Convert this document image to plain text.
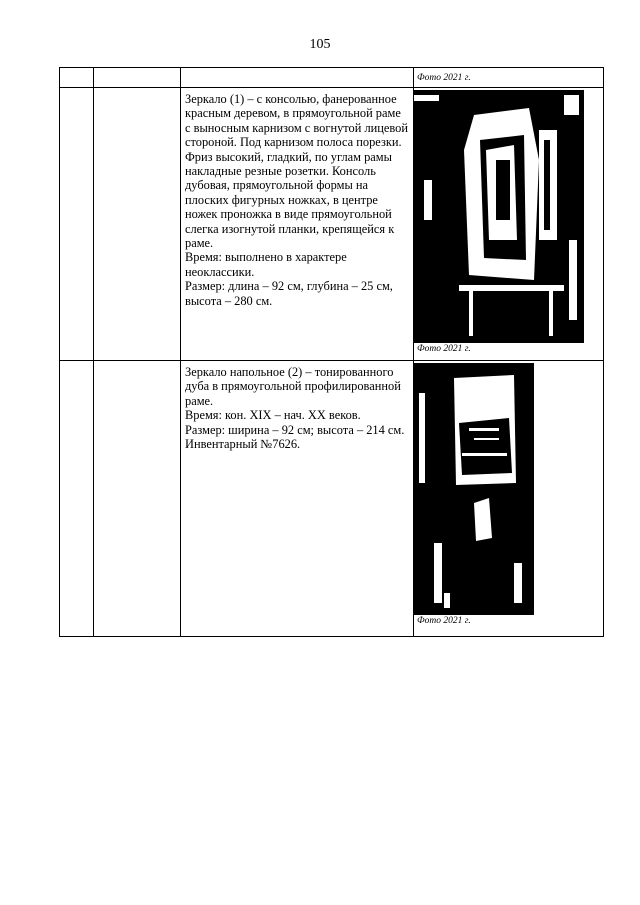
105

			Фото 2021 г.

		Зеркало (1) – с консолью, фанерованное красным деревом, в прямоугольной раме с выносным карнизом с вогнутой лицевой стороной. Под карнизом полоса порезки. Фриз высокий, гладкий, по углам рамы накладные резные розетки. Консоль дубовая, прямоугольной формы на плоских фигурных ножках, в центре ножек проножка в виде прямоугольной слегка изогнутой планки, крепящейся к раме.

Время: выполнено в характере неоклассики.

Размер: длина – 92 см, глубина – 25 см, высота – 280 см.	Фото 2021 г.

		Зеркало напольное (2) – тонированного дуба в прямоугольной профилированной раме.

Время: кон. XIX – нач. XX веков.

Размер: ширина – 92 см; высота – 214 см.

Инвентарный №7626.	Фото 2021 г.
